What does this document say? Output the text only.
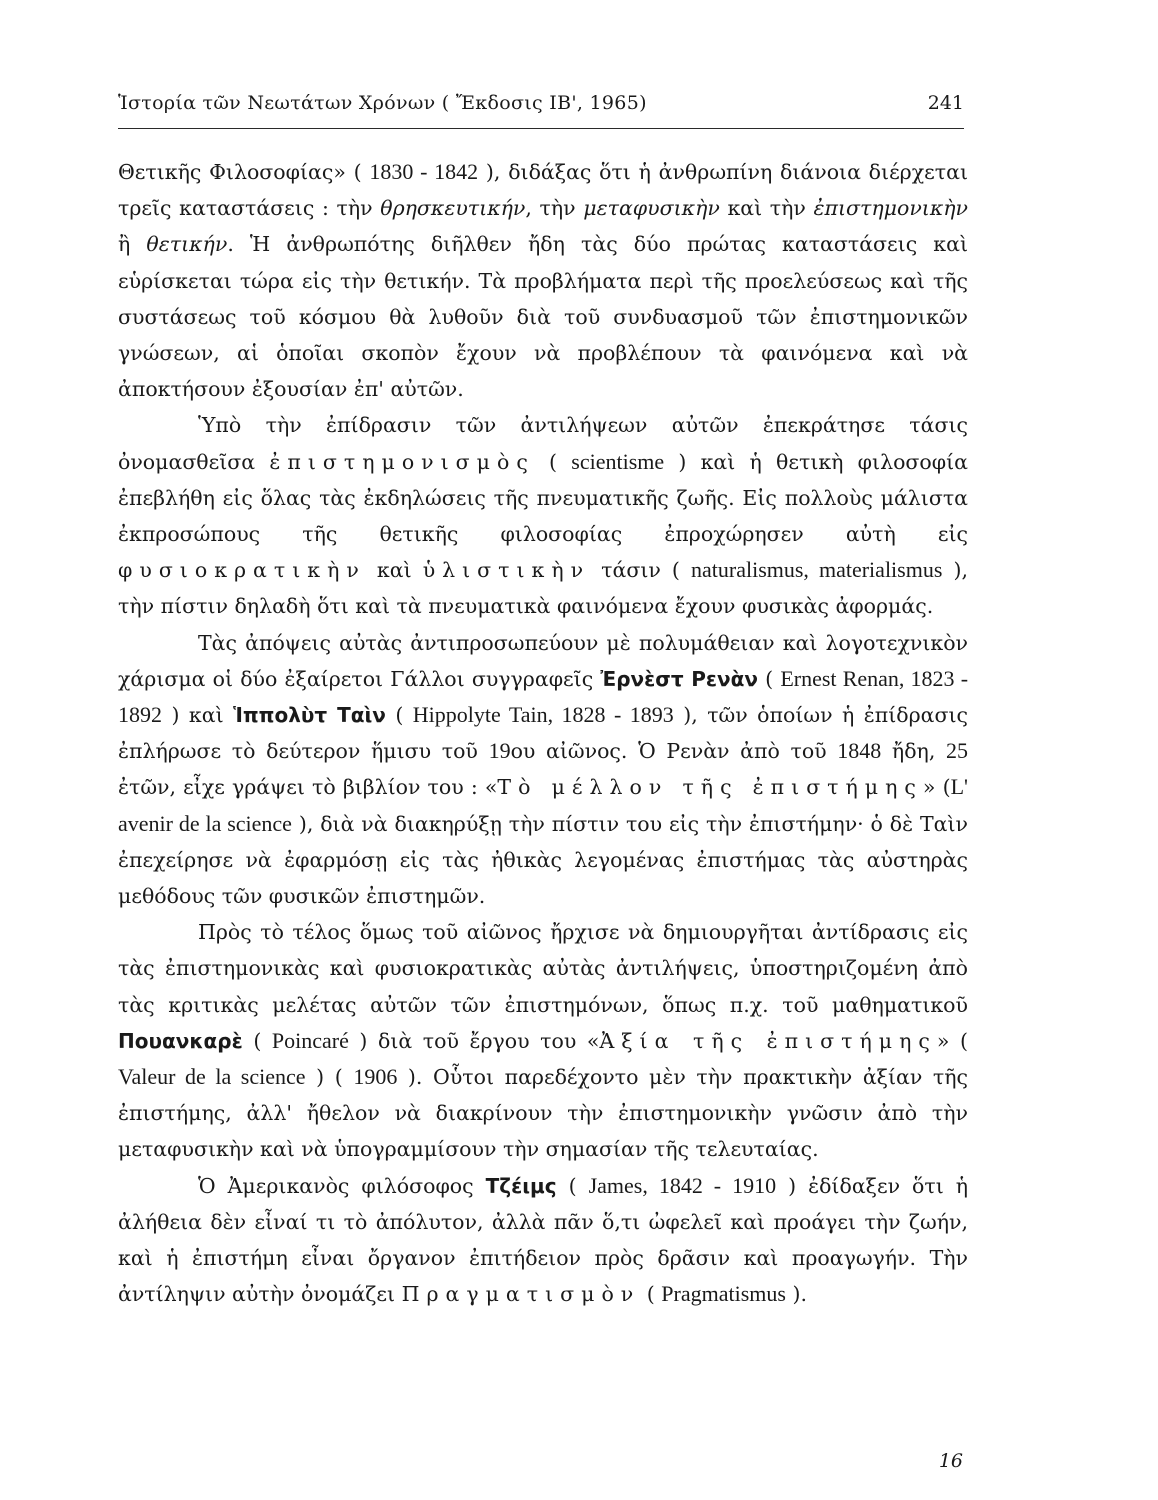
Ἱστορία τῶν Νεωτάτων Χρόνων ( Ἔκδοσις ΙΒ', 1965)	241

Θετικῆς Φιλοσοφίας» ( 1830 - 1842 ), διδάξας ὅτι ἡ ἀνθρωπίνη διάνοια διέρχεται τρεῖς καταστάσεις : τὴν θρησκευτικήν, τὴν μεταφυσικὴν καὶ τὴν ἐπιστημονικὴν ἢ θετικήν. Ἡ ἀνθρωπότης διῆλθεν ἤδη τὰς δύο πρώτας καταστάσεις καὶ εὑρίσκεται τώρα εἰς τὴν θετικήν. Τὰ προβλήματα περὶ τῆς προελεύσεως καὶ τῆς συστάσεως τοῦ κόσμου θὰ λυθοῦν διὰ τοῦ συνδυασμοῦ τῶν ἐπιστημονικῶν γνώσεων, αἱ ὁποῖαι σκοπὸν ἔχουν νὰ προβλέπουν τὰ φαινόμενα καὶ νὰ ἀποκτήσουν ἐξουσίαν ἐπ' αὐτῶν.

Ὑπὸ τὴν ἐπίδρασιν τῶν ἀντιλήψεων αὐτῶν ἐπεκράτησε τάσις ὀνομασθεῖσα ἐπιστημονισμὸς ( scientisme ) καὶ ἡ θετικὴ φιλοσοφία ἐπεβλήθη εἰς ὅλας τὰς ἐκδηλώσεις τῆς πνευματικῆς ζωῆς. Εἰς πολλοὺς μάλιστα ἐκπροσώπους τῆς θετικῆς φιλοσοφίας ἐπροχώρησεν αὐτὴ εἰς φυσιοκρατικὴν καὶ ὑλιστικὴν τάσιν ( naturalismus, materialismus ), τὴν πίστιν δηλαδὴ ὅτι καὶ τὰ πνευματικὰ φαινόμενα ἔχουν φυσικὰς ἀφορμάς.

Τὰς ἀπόψεις αὐτὰς ἀντιπροσωπεύουν μὲ πολυμάθειαν καὶ λογοτεχνικὸν χάρισμα οἱ δύο ἐξαίρετοι Γάλλοι συγγραφεῖς Ἐρνὲστ Ρενὰν ( Ernest Renan, 1823 - 1892 ) καὶ Ἱππολὺτ Ταὶν ( Hippolyte Tain, 1828 - 1893 ), τῶν ὁποίων ἡ ἐπίδρασις ἐπλήρωσε τὸ δεύτερον ἥμισυ τοῦ 19ου αἰῶνος. Ὁ Ρενὰν ἀπὸ τοῦ 1848 ἤδη, 25 ἐτῶν, εἶχε γράψει τὸ βιβλίον του : «Τὸ μέλλον τῆς ἐπιστήμης» (L' avenir de la science ), διὰ νὰ διακηρύξῃ τὴν πίστιν του εἰς τὴν ἐπιστήμην· ὁ δὲ Ταὶν ἐπεχείρησε νὰ ἐφαρμόσῃ εἰς τὰς ἠθικὰς λεγομένας ἐπιστήμας τὰς αὐστηρὰς μεθόδους τῶν φυσικῶν ἐπιστημῶν.

Πρὸς τὸ τέλος ὅμως τοῦ αἰῶνος ἤρχισε νὰ δημιουργῆται ἀντίδρασις εἰς τὰς ἐπιστημονικὰς καὶ φυσιοκρατικὰς αὐτὰς ἀντιλήψεις, ὑποστηριζομένη ἀπὸ τὰς κριτικὰς μελέτας αὐτῶν τῶν ἐπιστημόνων, ὅπως π.χ. τοῦ μαθηματικοῦ Πουανκαρὲ ( Poincaré ) διὰ τοῦ ἔργου του «Ἀξία τῆς ἐπιστήμης» ( Valeur de la science ) ( 1906 ). Οὗτοι παρεδέχοντο μὲν τὴν πρακτικὴν ἀξίαν τῆς ἐπιστήμης, ἀλλ' ἤθελον νὰ διακρίνουν τὴν ἐπιστημονικὴν γνῶσιν ἀπὸ τὴν μεταφυσικὴν καὶ νὰ ὑπογραμμίσουν τὴν σημασίαν τῆς τελευταίας.

Ὁ Ἀμερικανὸς φιλόσοφος Τζέιμς ( James, 1842 - 1910 ) ἐδίδαξεν ὅτι ἡ ἀλήθεια δὲν εἶναί τι τὸ ἀπόλυτον, ἀλλὰ πᾶν ὅ,τι ὠφελεῖ καὶ προάγει τὴν ζωήν, καὶ ἡ ἐπιστήμη εἶναι ὄργανον ἐπιτήδειον πρὸς δρᾶσιν καὶ προαγωγήν. Τὴν ἀντίληψιν αὐτὴν ὀνομάζει Πραγματισμὸν ( Pragmatismus ).

16
